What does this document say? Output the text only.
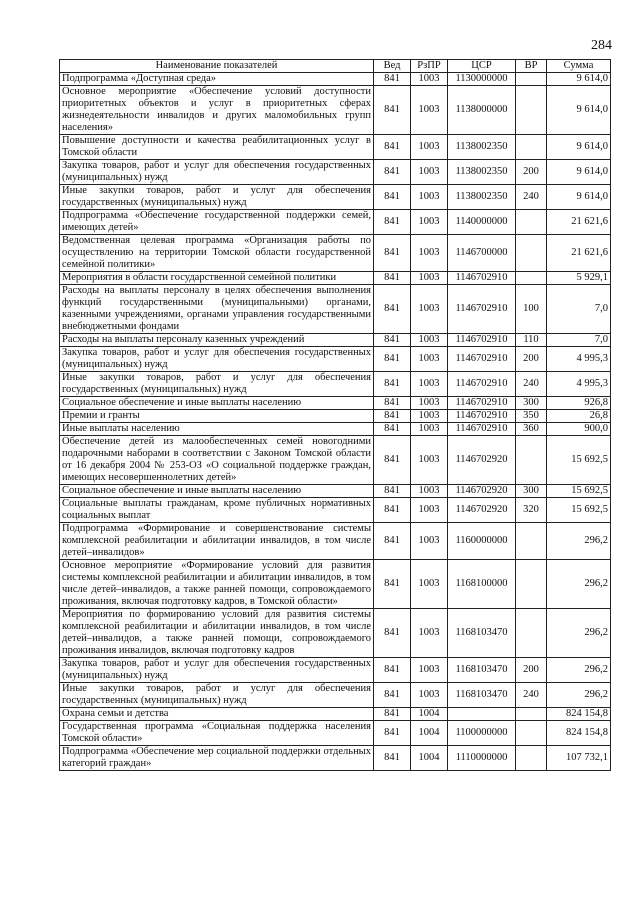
284
Наименование показателей	Вед	РзПР	ЦСР	ВР	Сумма
Подпрограмма «Доступная среда»	841	1003	1130000000		9 614,0
Основное мероприятие «Обеспечение условий доступности приоритетных объектов и услуг в приоритетных сферах жизнедеятельности инвалидов и других маломобильных групп населения»	841	1003	1138000000		9 614,0
Повышение доступности и качества реабилитационных услуг в Томской области	841	1003	1138002350		9 614,0
Закупка товаров, работ и услуг для обеспечения государственных (муниципальных) нужд	841	1003	1138002350	200	9 614,0
Иные закупки товаров, работ и услуг для обеспечения государственных (муниципальных) нужд	841	1003	1138002350	240	9 614,0
Подпрограмма «Обеспечение государственной поддержки семей, имеющих детей»	841	1003	1140000000		21 621,6
Ведомственная целевая программа «Организация работы по осуществлению на территории Томской области государственной семейной политики»	841	1003	1146700000		21 621,6
Мероприятия в области государственной семейной политики	841	1003	1146702910		5 929,1
Расходы на выплаты персоналу в целях обеспечения выполнения функций государственными (муниципальными) органами, казенными учреждениями, органами управления государственными внебюджетными фондами	841	1003	1146702910	100	7,0
Расходы на выплаты персоналу казенных учреждений	841	1003	1146702910	110	7,0
Закупка товаров, работ и услуг для обеспечения государственных (муниципальных) нужд	841	1003	1146702910	200	4 995,3
Иные закупки товаров, работ и услуг для обеспечения государственных (муниципальных) нужд	841	1003	1146702910	240	4 995,3
Социальное обеспечение и иные выплаты населению	841	1003	1146702910	300	926,8
Премии и гранты	841	1003	1146702910	350	26,8
Иные выплаты населению	841	1003	1146702910	360	900,0
Обеспечение детей из малообеспеченных семей новогодними подарочными наборами в соответствии с Законом Томской области от 16 декабря 2004 № 253-ОЗ «О социальной поддержке граждан, имеющих несовершеннолетних детей»	841	1003	1146702920		15 692,5
Социальное обеспечение и иные выплаты населению	841	1003	1146702920	300	15 692,5
Социальные выплаты гражданам, кроме публичных нормативных социальных выплат	841	1003	1146702920	320	15 692,5
Подпрограмма «Формирование и совершенствование системы комплексной реабилитации и абилитации инвалидов, в том числе детей–инвалидов»	841	1003	1160000000		296,2
Основное мероприятие «Формирование условий для развития системы комплексной реабилитации и абилитации инвалидов, в том числе детей–инвалидов, а также ранней помощи, сопровождаемого проживания, включая подготовку кадров, в Томской области»	841	1003	1168100000		296,2
Мероприятия по формированию условий для развития системы комплексной реабилитации и абилитации инвалидов, в том числе детей–инвалидов, а также ранней помощи, сопровождаемого проживания инвалидов, включая подготовку кадров	841	1003	1168103470		296,2
Закупка товаров, работ и услуг для обеспечения государственных (муниципальных) нужд	841	1003	1168103470	200	296,2
Иные закупки товаров, работ и услуг для обеспечения государственных (муниципальных) нужд	841	1003	1168103470	240	296,2
Охрана семьи и детства	841	1004			824 154,8
Государственная программа «Социальная поддержка населения Томской области»	841	1004	1100000000		824 154,8
Подпрограмма «Обеспечение мер социальной поддержки отдельных категорий граждан»	841	1004	1110000000		107 732,1
